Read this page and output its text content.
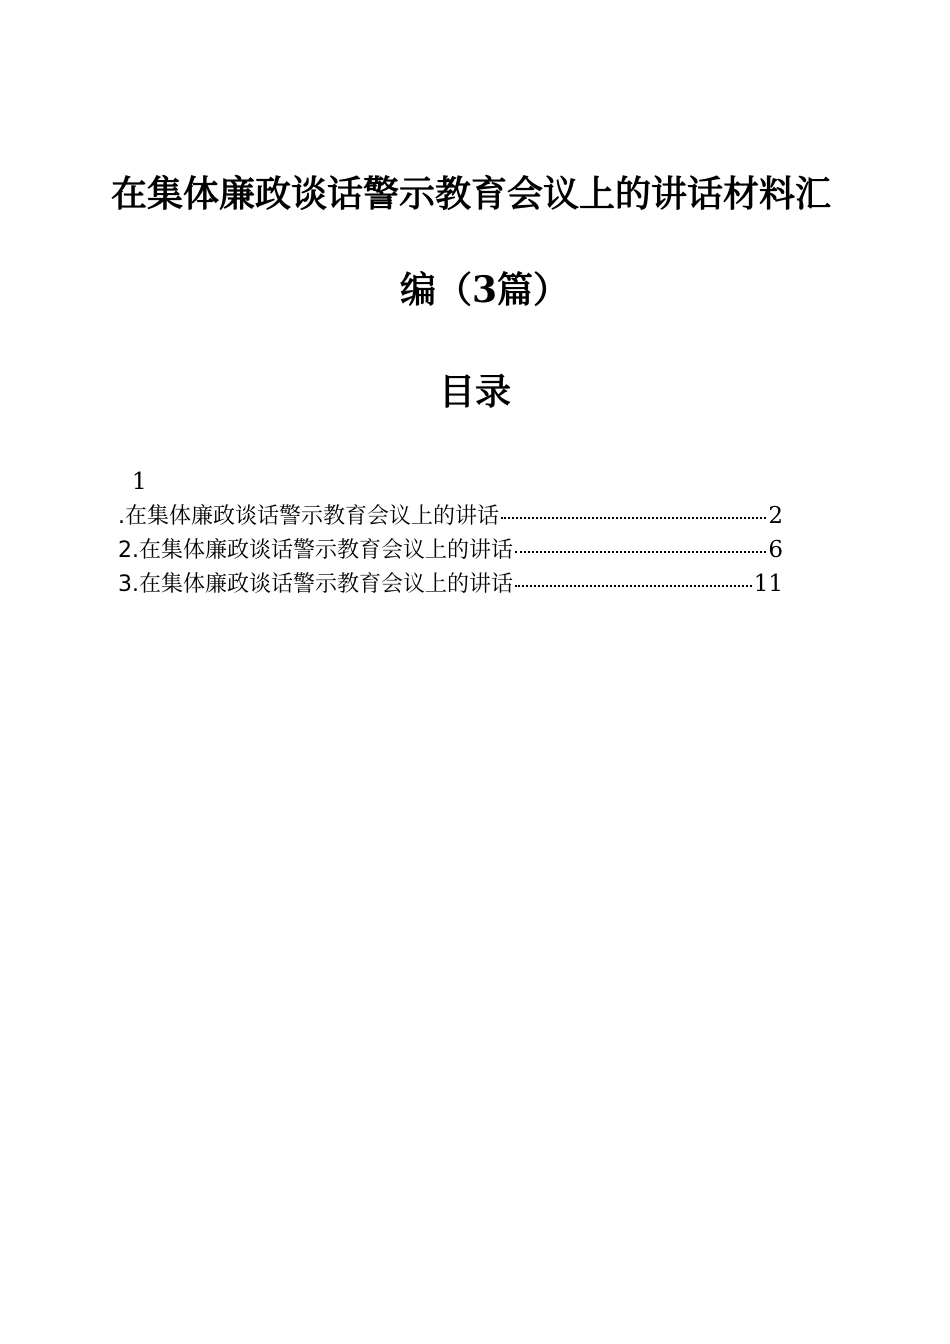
在集体廉政谈话警示教育会议上的讲话材料汇
编（3篇）
目录
1
.在集体廉政谈话警示教育会议上的讲话	2
2.在集体廉政谈话警示教育会议上的讲话	6
3.在集体廉政谈话警示教育会议上的讲话	11
